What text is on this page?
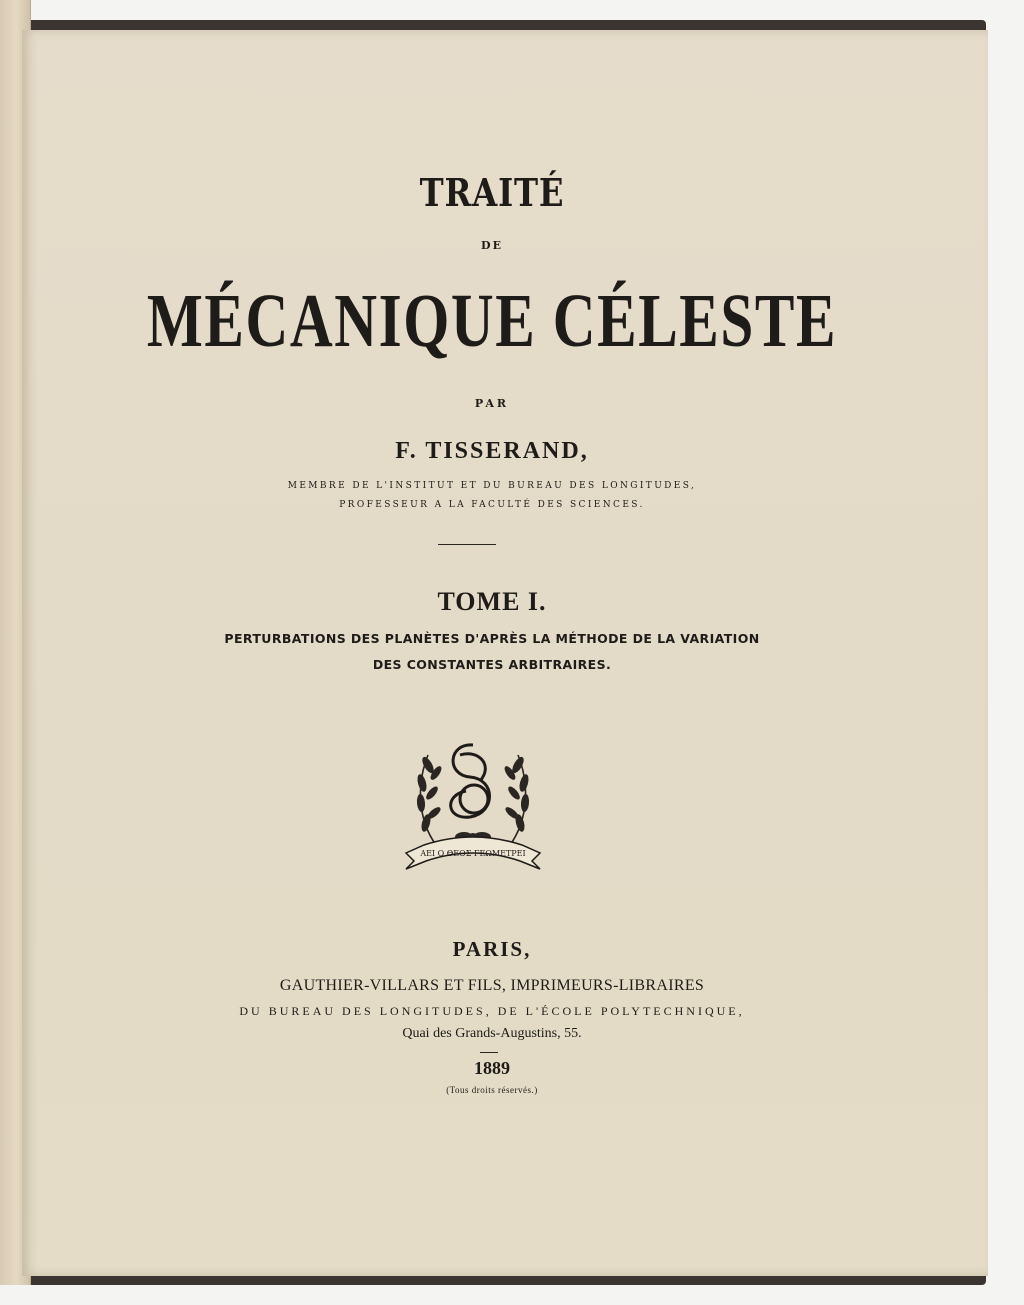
TRAITÉ
DE
MÉCANIQUE CÉLESTE
PAR
F. TISSERAND,
MEMBRE DE L'INSTITUT ET DU BUREAU DES LONGITUDES,
PROFESSEUR A LA FACULTÉ DES SCIENCES.
TOME I.
PERTURBATIONS DES PLANÈTES D'APRÈS LA MÉTHODE DE LA VARIATION
DES CONSTANTES ARBITRAIRES.
ΑΕΙ Ο ΘΕΟΣ ΓΕΩΜΕΤΡΕΙ
PARIS,
GAUTHIER-VILLARS ET FILS, IMPRIMEURS-LIBRAIRES
DU BUREAU DES LONGITUDES, DE L'ÉCOLE POLYTECHNIQUE,
Quai des Grands-Augustins, 55.
1889
(Tous droits réservés.)
